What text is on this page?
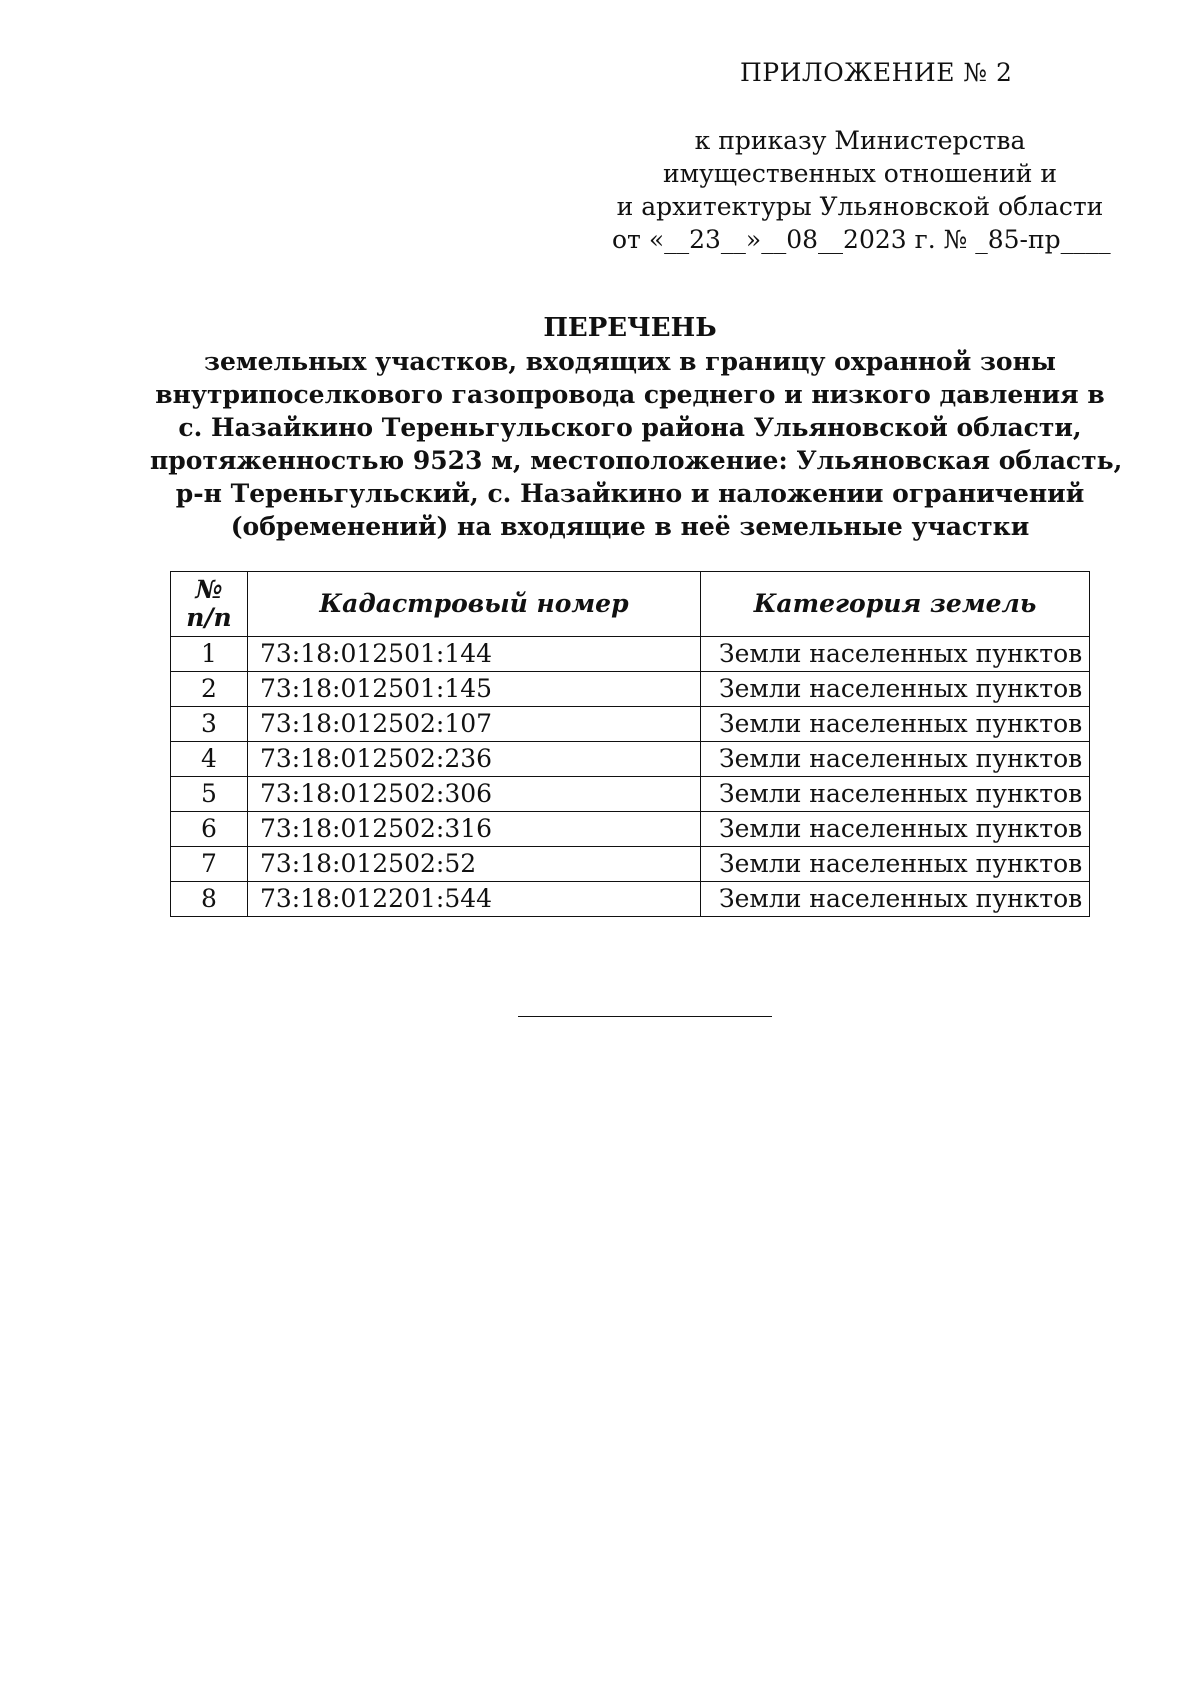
ПРИЛОЖЕНИЕ № 2
к приказу Министерства
имущественных отношений и
и архитектуры Ульяновской области
от «__23__»__08__2023 г. № _85-пр____
ПЕРЕЧЕНЬ
земельных участков, входящих в границу охранной зоны
внутрипоселкового газопровода среднего и низкого давления в
с. Назайкино Тереньгульского района Ульяновской области,
протяженностью 9523 м, местоположение: Ульяновская область,
р-н Тереньгульский, с. Назайкино и наложении ограничений
(обременений) на входящие в неё земельные участки
№
п/п	Кадастровый номер	Категория земель
1	73:18:012501:144	Земли населенных пунктов
2	73:18:012501:145	Земли населенных пунктов
3	73:18:012502:107	Земли населенных пунктов
4	73:18:012502:236	Земли населенных пунктов
5	73:18:012502:306	Земли населенных пунктов
6	73:18:012502:316	Земли населенных пунктов
7	73:18:012502:52	Земли населенных пунктов
8	73:18:012201:544	Земли населенных пунктов
